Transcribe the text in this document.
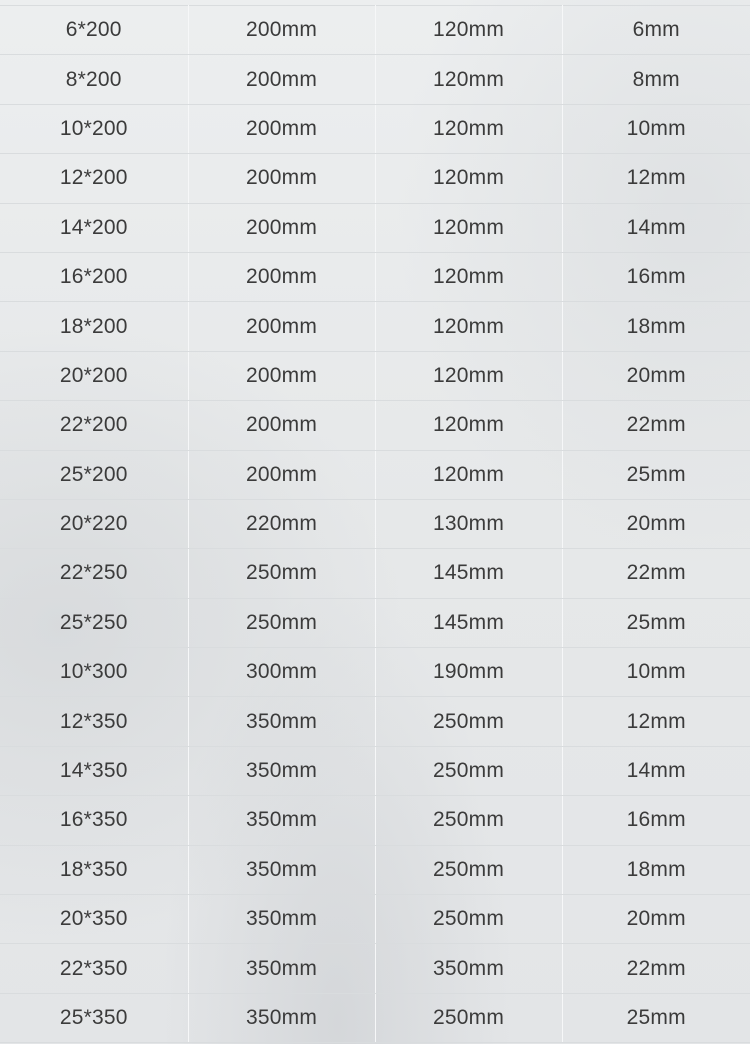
6*200	200mm	120mm	6mm
8*200	200mm	120mm	8mm
10*200	200mm	120mm	10mm
12*200	200mm	120mm	12mm
14*200	200mm	120mm	14mm
16*200	200mm	120mm	16mm
18*200	200mm	120mm	18mm
20*200	200mm	120mm	20mm
22*200	200mm	120mm	22mm
25*200	200mm	120mm	25mm
20*220	220mm	130mm	20mm
22*250	250mm	145mm	22mm
25*250	250mm	145mm	25mm
10*300	300mm	190mm	10mm
12*350	350mm	250mm	12mm
14*350	350mm	250mm	14mm
16*350	350mm	250mm	16mm
18*350	350mm	250mm	18mm
20*350	350mm	250mm	20mm
22*350	350mm	350mm	22mm
25*350	350mm	250mm	25mm
